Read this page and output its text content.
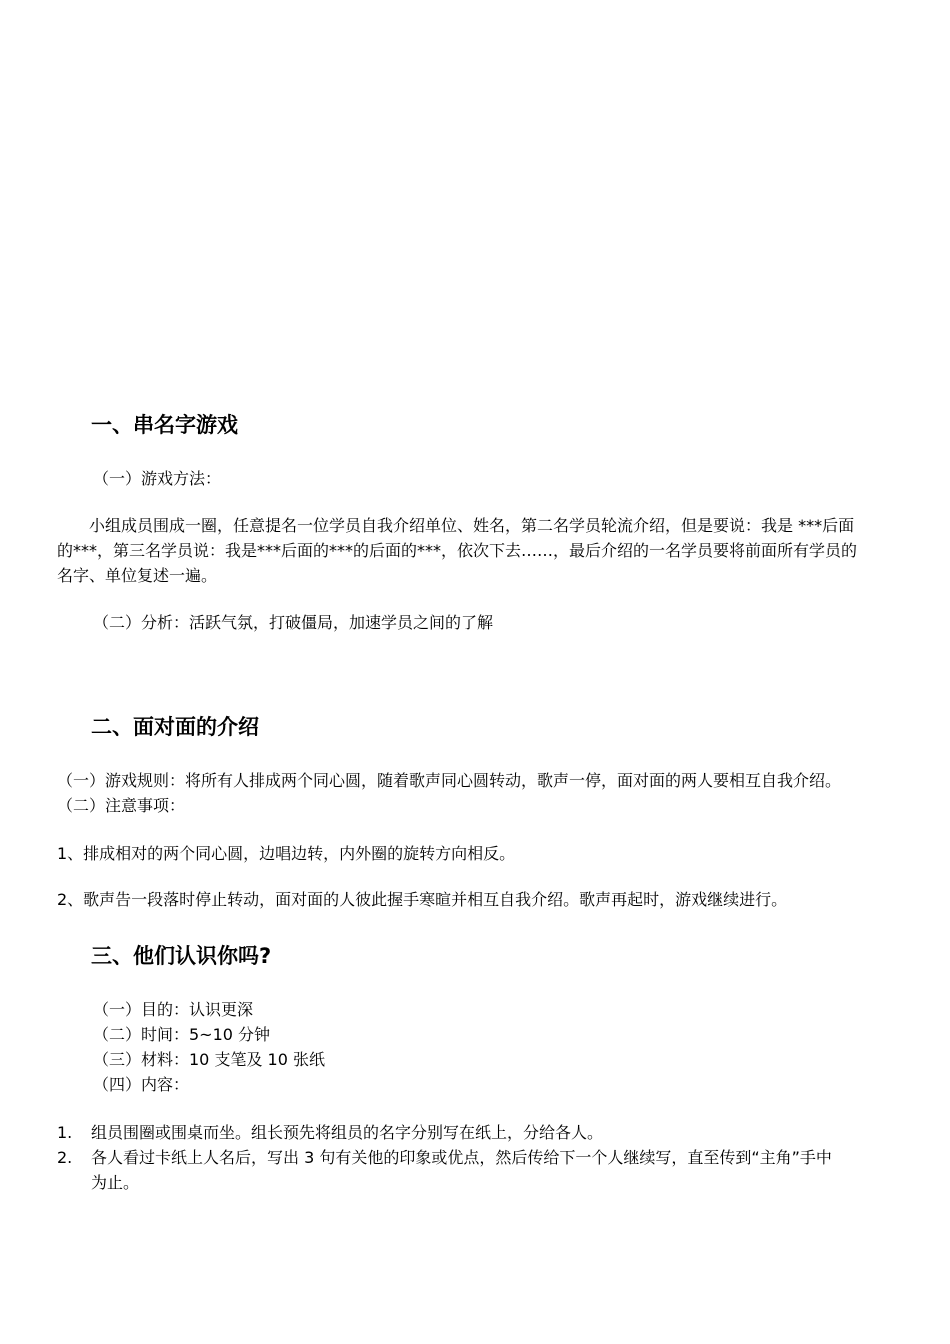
一、串名字游戏
（一）游戏方法：
小组成员围成一圈，任意提名一位学员自我介绍单位、姓名，第二名学员轮流介绍，但是要说：我是 ***后面
的***，第三名学员说：我是***后面的***的后面的***，依次下去……，最后介绍的一名学员要将前面所有学员的
名字、单位复述一遍。
（二）分析：活跃气氛，打破僵局，加速学员之间的了解
二、面对面的介绍
（一）游戏规则：将所有人排成两个同心圆，随着歌声同心圆转动，歌声一停，面对面的两人要相互自我介绍。
（二）注意事项：
1、排成相对的两个同心圆，边唱边转，内外圈的旋转方向相反。
2、歌声告一段落时停止转动，面对面的人彼此握手寒暄并相互自我介绍。歌声再起时，游戏继续进行。
三、他们认识你吗?
（一）目的：认识更深
（二）时间：5~10 分钟
（三）材料：10 支笔及 10 张纸
（四）内容：
1. 组员围圈或围桌而坐。组长预先将组员的名字分别写在纸上，分给各人。
2. 各人看过卡纸上人名后，写出 3 句有关他的印象或优点，然后传给下一个人继续写，直至传到“主角”手中
为止。
